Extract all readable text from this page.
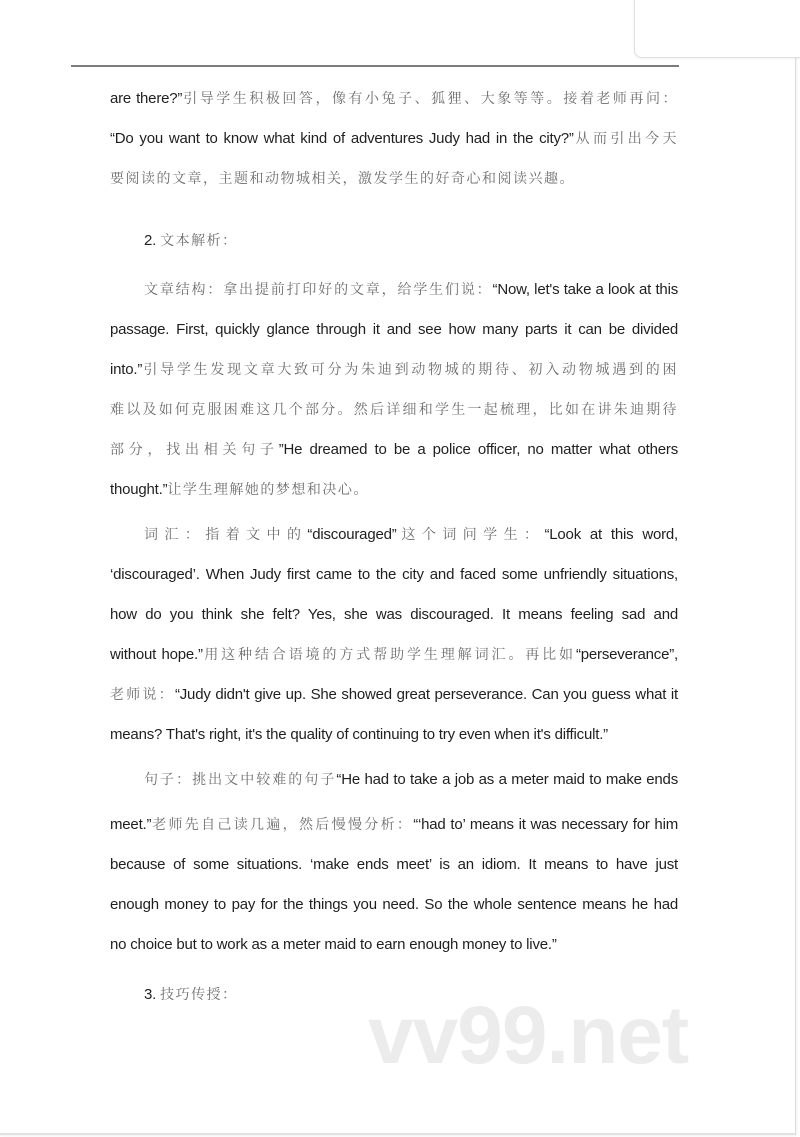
are there?”引导学生积极回答，像有小兔子、狐狸、大象等等。接着老师再问：
“Do you want to know what kind of adventures Judy had in the city?”从而引出今天
要阅读的文章，主题和动物城相关，激发学生的好奇心和阅读兴趣。
2. 文本解析：
文章结构：拿出提前打印好的文章，给学生们说：“Now, let's take a look at this
passage. First, quickly glance through it and see how many parts it can be divided
into.”引导学生发现文章大致可分为朱迪到动物城的期待、初入动物城遇到的困
难以及如何克服困难这几个部分。然后详细和学生一起梳理，比如在讲朱迪期待
部分，找出相关句子”He dreamed to be a police officer, no matter what others
thought.”让学生理解她的梦想和决心。
词汇：指着文中的“discouraged”这个词问学生：“Look at this word,
‘discouraged’. When Judy first came to the city and faced some unfriendly situations,
how do you think she felt? Yes, she was discouraged. It means feeling sad and
without hope.”用这种结合语境的方式帮助学生理解词汇。再比如“perseverance”,
老师说：“Judy didn't give up. She showed great perseverance. Can you guess what it
means? That's right, it's the quality of continuing to try even when it's difficult.”
句子：挑出文中较难的句子“He had to take a job as a meter maid to make ends
meet.”老师先自己读几遍，然后慢慢分析：“‘had to’ means it was necessary for him
because of some situations. ‘make ends meet’ is an idiom. It means to have just
enough money to pay for the things you need. So the whole sentence means he had
no choice but to work as a meter maid to earn enough money to live.”
3. 技巧传授：	vv99.net
